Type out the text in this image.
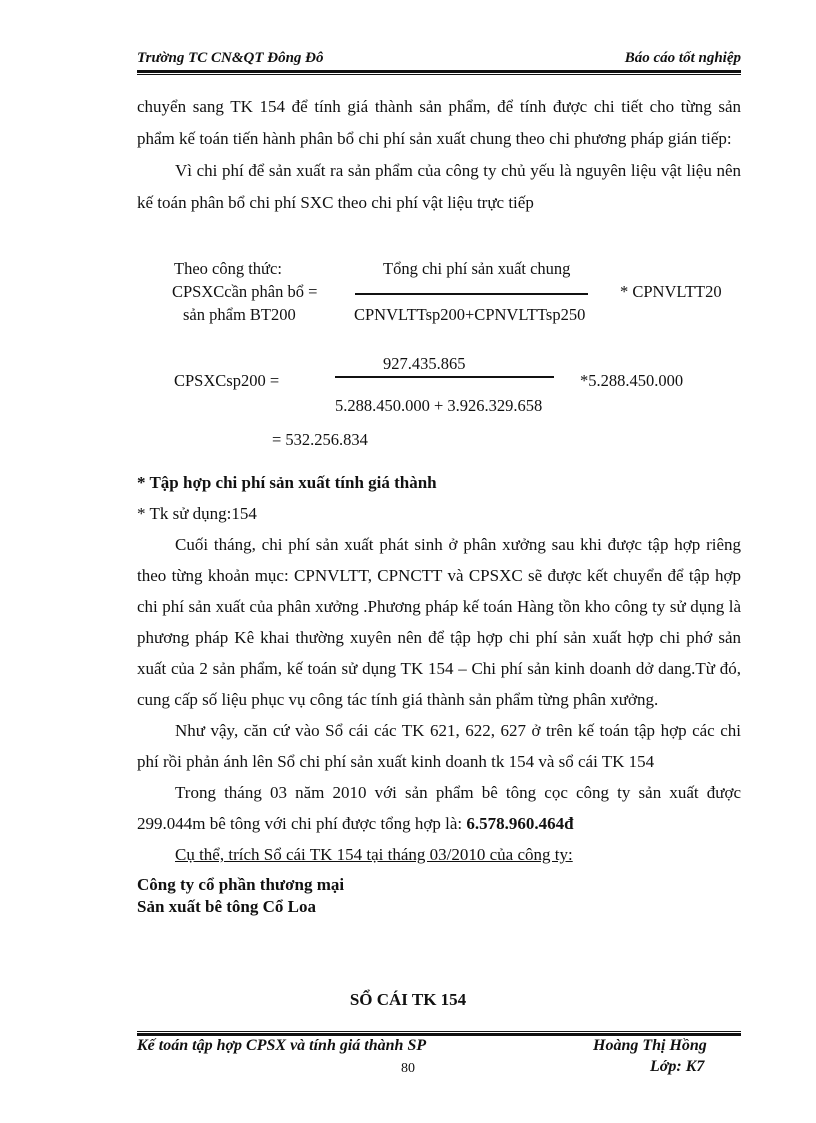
Trường TC CN&QT Đông Đô	Báo cáo tốt nghiệp

chuyển sang TK 154 để tính giá thành sản phẩm, để tính được chi tiết cho từng sản phẩm kế toán tiến hành phân bổ chi phí sản xuất chung theo chi phương pháp gián tiếp:

Vì chi phí để sản xuất ra sản phẩm của công ty chủ yếu là nguyên liệu vật liệu nên kế toán phân bổ chi phí SXC theo chi phí vật liệu trực tiếp

Theo công thức:	Tổng chi phí sản xuất chung
CPSXCcần phân bổ =	* CPNVLTT20
sản phẩm BT200	CPNVLTTsp200+CPNVLTTsp250
927.435.865
CPSXCsp200 =	*5.288.450.000
5.288.450.000 + 3.926.329.658
= 532.256.834

* Tập hợp chi phí sản xuất tính giá thành

* Tk sử dụng:154

Cuối tháng, chi phí sản xuất phát sinh ở phân xưởng sau khi được tập hợp riêng theo từng khoản mục: CPNVLTT, CPNCTT và CPSXC sẽ được kết chuyển để tập hợp chi phí sản xuất của phân xưởng .Phương pháp kế toán Hàng tồn kho công ty sử dụng là phương pháp Kê khai thường xuyên nên để tập hợp chi phí sản xuất hợp chi phớ sản xuất của 2 sản phẩm, kế toán sử dụng TK 154 – Chi phí sản kinh doanh dở dang.Từ đó, cung cấp số liệu phục vụ công tác tính giá thành sản phẩm từng phân xưởng.

Như vậy, căn cứ vào Sổ cái các TK 621, 622, 627 ở trên kế toán tập hợp các chi phí rồi phản ánh lên Sổ chi phí sản xuất kinh doanh tk 154 và sổ cái TK 154

Trong tháng 03 năm 2010 với sản phẩm bê tông cọc công ty sản xuất được 299.044m bê tông với chi phí được tổng hợp là: 6.578.960.464đ

Cụ thể, trích Sổ cái TK 154 tại tháng 03/2010 của công ty:

Công ty cổ phần thương mại
Sản xuất bê tông Cổ Loa
SỔ CÁI TK 154
Kế toán tập hợp CPSX và tính giá thành SP	Hoàng Thị Hồng
Lớp: K7
80
